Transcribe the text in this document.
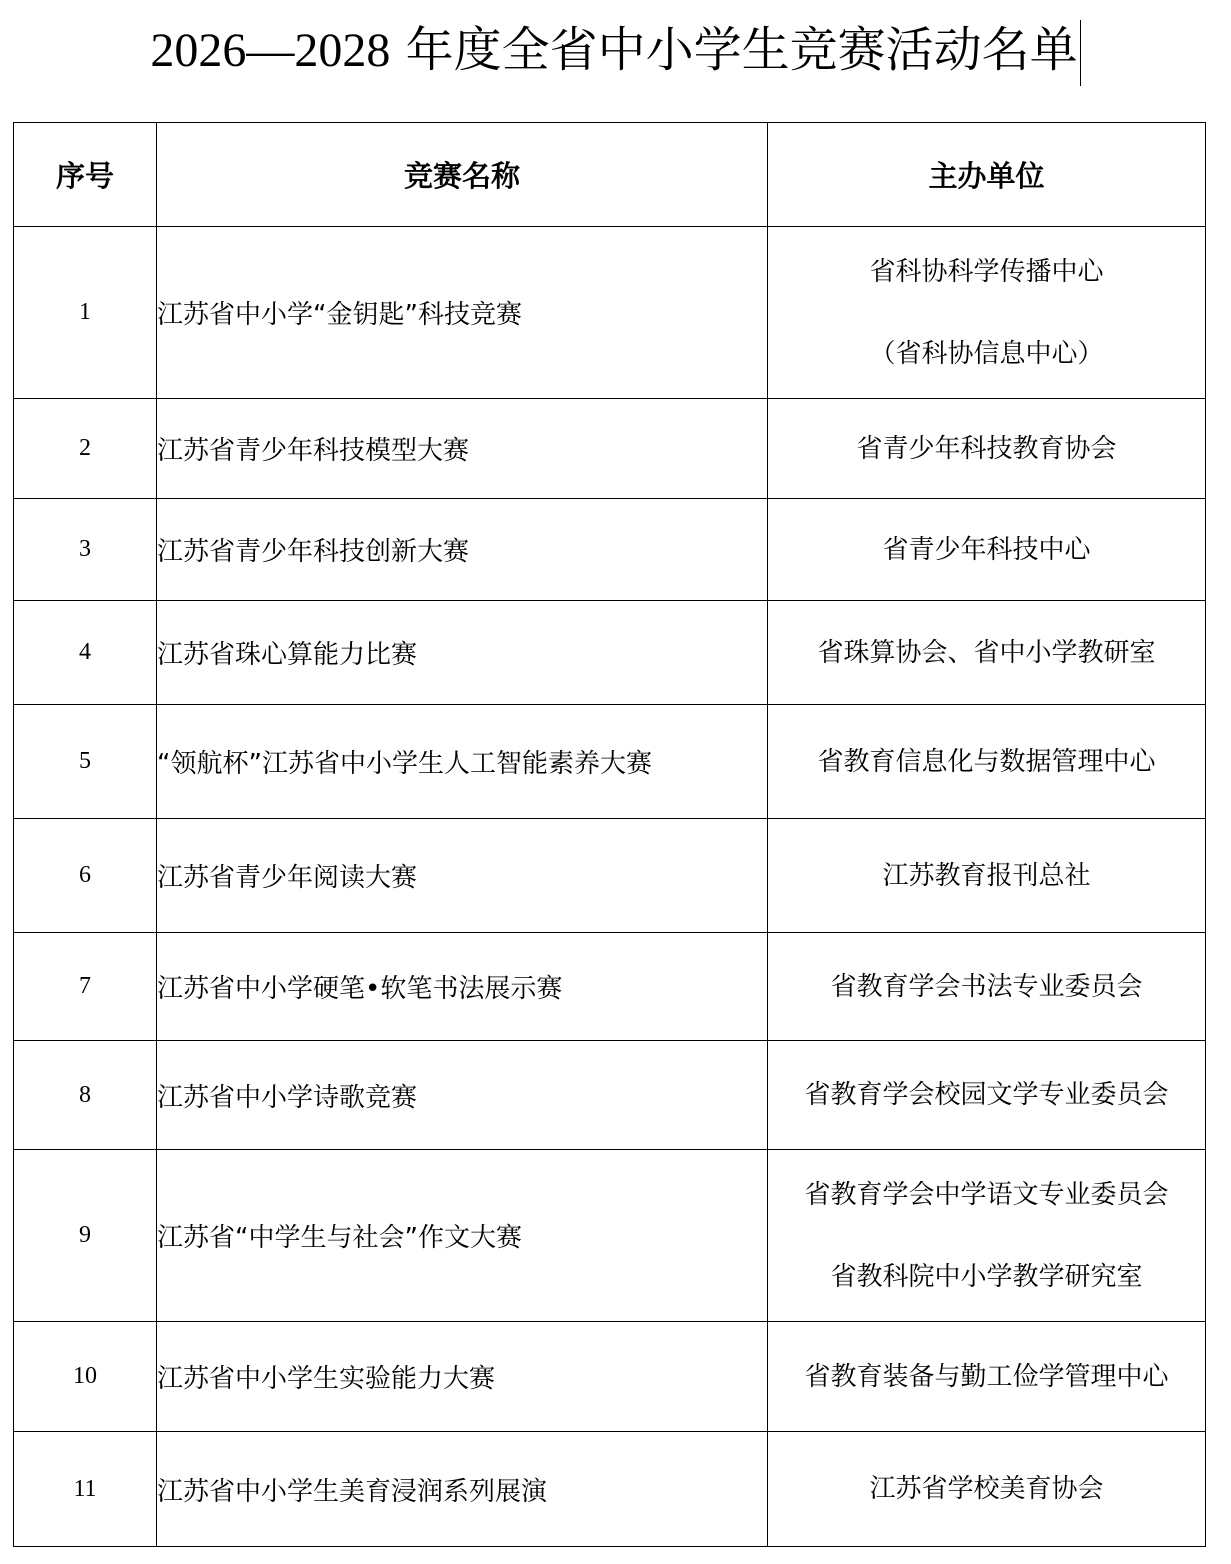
2026—2028 年度全省中小学生竞赛活动名单
序号	竞赛名称	主办单位
1	江苏省中小学“金钥匙”科技竞赛	省科协科学传播中心
（省科协信息中心）

2	江苏省青少年科技模型大赛	省青少年科技教育协会

3	江苏省青少年科技创新大赛	省青少年科技中心

4	江苏省珠心算能力比赛	省珠算协会、省中小学教研室

5	“领航杯”江苏省中小学生人工智能素养大赛	省教育信息化与数据管理中心

6	江苏省青少年阅读大赛	江苏教育报刊总社

7	江苏省中小学硬笔•软笔书法展示赛	省教育学会书法专业委员会

8	江苏省中小学诗歌竞赛	省教育学会校园文学专业委员会

9	江苏省“中学生与社会”作文大赛	省教育学会中学语文专业委员会
省教科院中小学教学研究室

10	江苏省中小学生实验能力大赛	省教育装备与勤工俭学管理中心

11	江苏省中小学生美育浸润系列展演	江苏省学校美育协会
